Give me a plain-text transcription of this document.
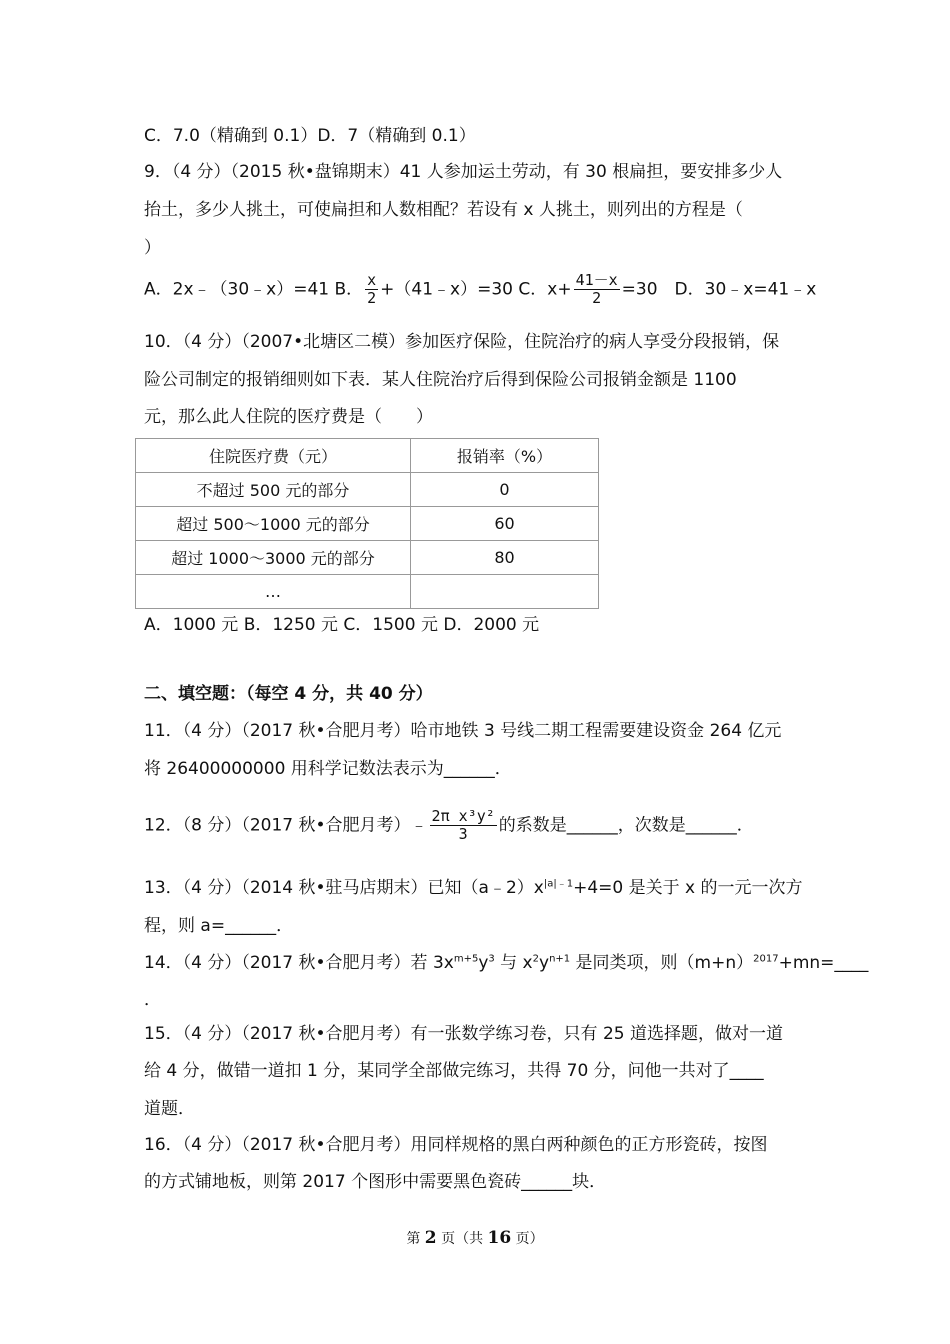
C．7.0（精确到 0.1）D．7（精确到 0.1）
9．（4 分）（2015 秋•盘锦期末）41 人参加运土劳动，有 30 根扁担，要安排多少人
抬土，多少人挑土，可使扁担和人数相配？若设有 x 人挑土，则列出的方程是（
）
A．2x﹣（30﹣x）=41 B． $\frac{x}{2}$ +（41﹣x）=30 C．$x+ \frac{41-x}{2} =30$　D．30﹣x=41﹣x
10．（4 分）（2007•北塘区二模）参加医疗保险，住院治疗的病人享受分段报销，保
险公司制定的报销细则如下表．某人住院治疗后得到保险公司报销金额是 1100
元，那么此人住院的医疗费是（　　）
住院医疗费（元）	报销率（%）
不超过 500 元的部分	0
超过 500～1000 元的部分	60
超过 1000～3000 元的部分	80
…	
A．1000 元 B．1250 元 C．1500 元 D．2000 元
二、填空题：（每空 4 分，共 40 分）
11．（4 分）（2017 秋•合肥月考）哈市地铁 3 号线二期工程需要建设资金 264 亿元
将 26400000000 用科学记数法表示为______．
12．（8 分）（2017 秋•合肥月考）﹣ $\frac{\text{2π x³y²}}{3}$ 的系数是______，次数是______．
13．（4 分）（2014 秋•驻马店期末）已知$(a﹣2)x^{|a|﹣1}+4=0$ 是关于 x 的一元一次方
程，则 a=______．
14．（4 分）（2017 秋•合肥月考）若 $3x^{m+5}y^3$ 与 $x^2y^{n+1}$ 是同类项，则$(m+n)^{2017}+mn=\_\_\_\_$
．
15．（4 分）（2017 秋•合肥月考）有一张数学练习卷，只有 25 道选择题，做对一道
给 4 分，做错一道扣 1 分，某同学全部做完练习，共得 70 分，问他一共对了____
道题．
16．（4 分）（2017 秋•合肥月考）用同样规格的黑白两种颜色的正方形瓷砖，按图
的方式铺地板，则第 2017 个图形中需要黑色瓷砖______块．
第 2 页（共 16 页）
